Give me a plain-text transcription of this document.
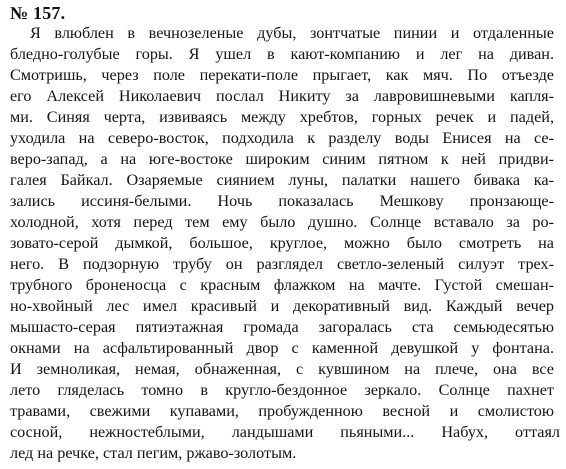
№ 157.
Я влюблен в вечнозеленые дубы, зонтчатые пинии и отдаленные
бледно-голубые горы. Я ушел в кают-компанию и лег на диван.
Смотришь, через поле перекати-поле прыгает, как мяч. По отъезде
его Алексей Николаевич послал Никиту за лавровишневыми капля-
ми. Синяя черта, извиваясь между хребтов, горных речек и падей,
уходила на северо-восток, подходила к разделу воды Енисея на се-
веро-запад, а на юге-востоке широким синим пятном к ней придви-
галея Байкал. Озаряемые сиянием луны, палатки нашего бивака ка-
зались иссиня-белыми. Ночь показалась Мешкову пронзающе-
холодной, хотя перед тем ему было душно. Солнце вставало за ро-
зовато-серой дымкой, большое, круглое, можно было смотреть на
него. В подзорную трубу он разглядел светло-зеленый силуэт трех-
трубного броненосца с красным флажком на мачте. Густой смешан-
но-хвойный лес имел красивый и декоративный вид. Каждый вечер
мышасто-серая пятиэтажная громада загоралась ста семьюдесятью
окнами на асфальтированный двор с каменной девушкой у фонтана.
И земноликая, немая, обнаженная, с кувшином на плече, она все
лето гляделась томно в кругло-бездонное зеркало. Солнце пахнет
травами, свежими купавами, пробужденною весной и смолистою
сосной, нежностеблыми, ландышами пьяными... Набух, оттаял
лед на речке, стал пегим, ржаво-золотым.
